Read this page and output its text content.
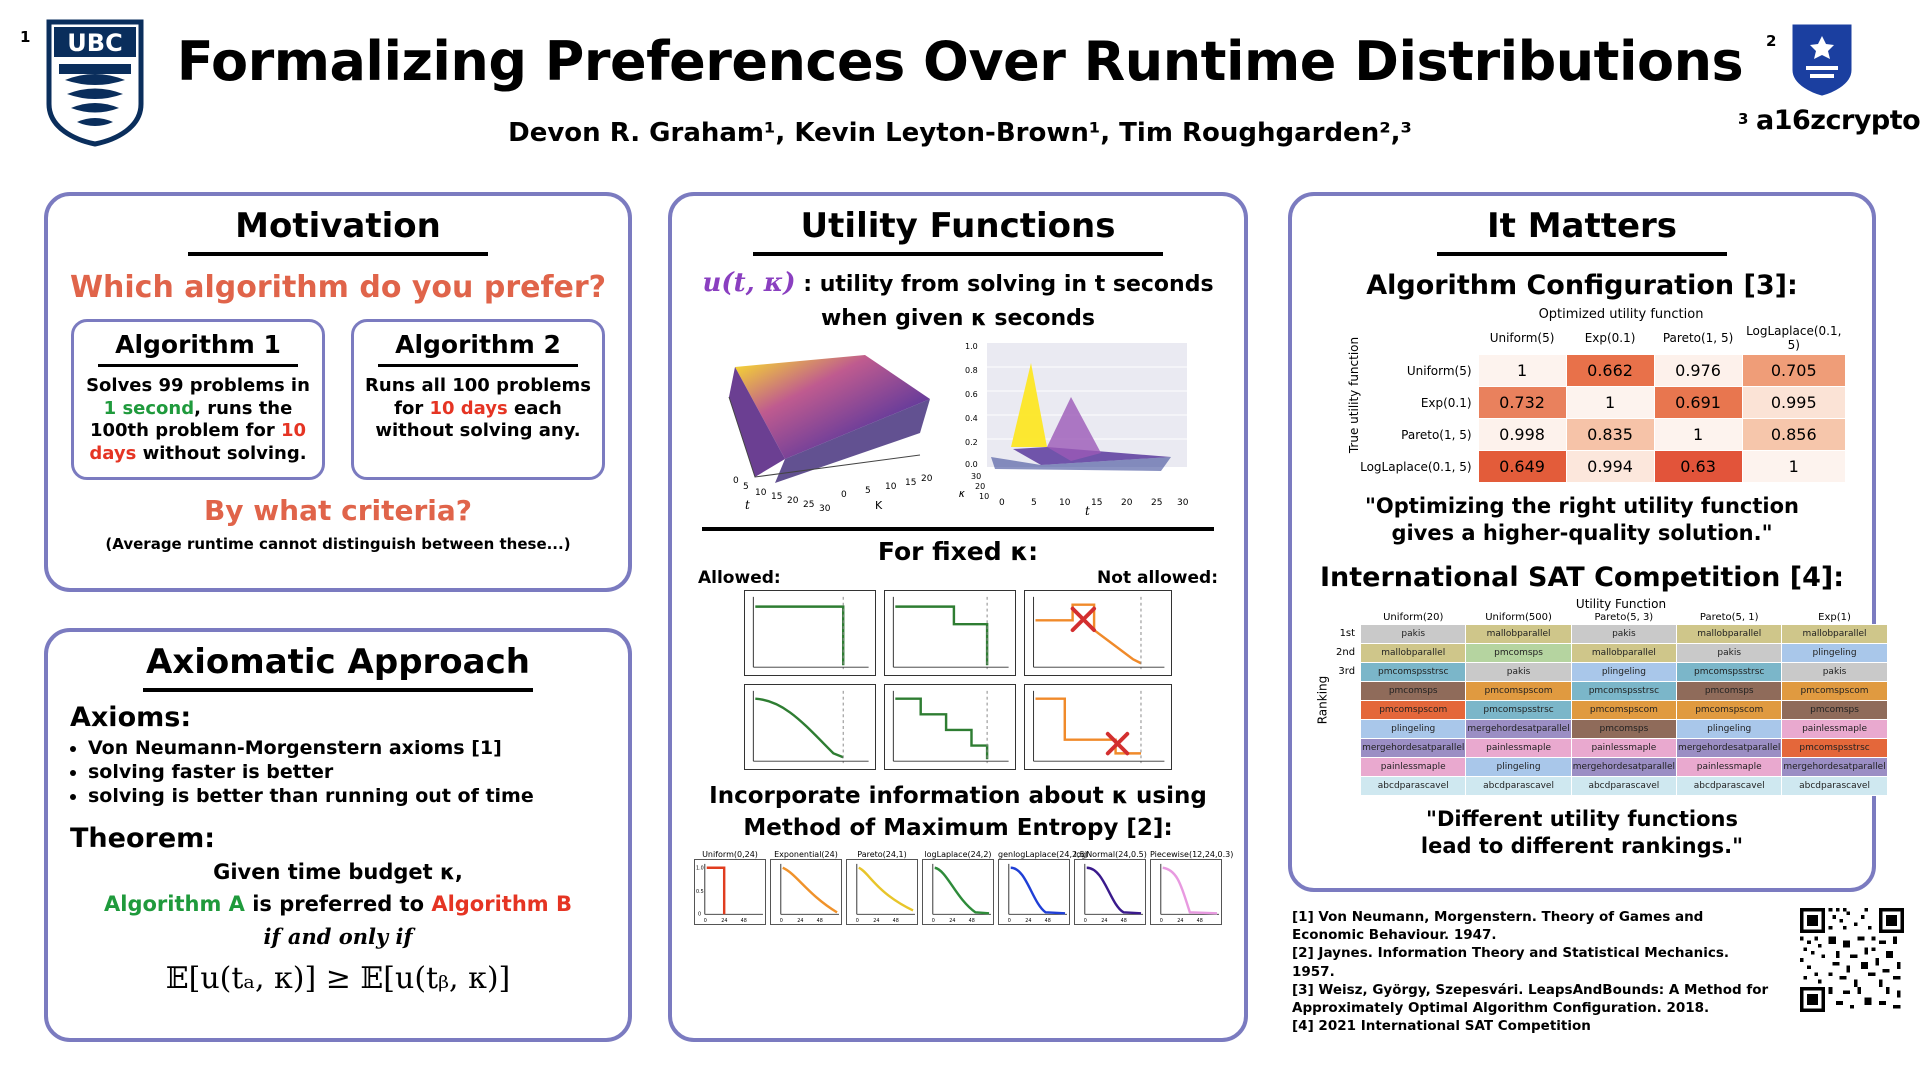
1	2
3
UBC
a16zcrypto
Formalizing Preferences Over Runtime Distributions
Devon R. Graham¹, Kevin Leyton-Brown¹, Tim Roughgarden²,³
Motivation
Which algorithm do you prefer?
Algorithm 1

Solves 99 problems in 1 second, runs the 100th problem for 10 days without solving.

Algorithm 2

Runs all 100 problems for 10 days each without solving any.

By what criteria?
(Average runtime cannot distinguish between these...)
Axiomatic Approach
Axioms:
• Von Neumann-Morgenstern axioms [1]
• solving faster is better
• solving is better than running out of time
Theorem:
Given time budget κ,
Algorithm A is preferred to Algorithm B
if and only if
𝔼[u(tₐ, κ)] ≥ 𝔼[u(tᵦ, κ)]
Utility Functions
u(t, κ) : utility from solving in t seconds
when given κ seconds
0
5
10 15 20 25 30
t
0 5 10 15 20
K
1.0
0.8
0.6
0.4
0.2
0.0
30
20
10
𝜅
0	5 10 15 20 25 30
t
For fixed κ:
Allowed:	Not allowed:
Incorporate information about κ using
Method of Maximum Entropy [2]:
Uniform(0,24)
1.0
0.5
0
0	24	48
Exponential(24)
0	24	48
Pareto(24,1)
0	24	48
logLaplace(24,2)
0	24	48
genlogLaplace(24,2,5)
0	24	48
logNormal(24,0.5)
0	24	48
Piecewise(12,24,0.3)
0	24	48
It Matters
Algorithm Configuration [3]:
Optimized utility function
True utility function
		Uniform(5)	Exp(0.1)	Pareto(1, 5)	LogLaplace(0.1, 5)
Uniform(5)	1	0.662	0.976	0.705
Exp(0.1)	0.732	1	0.691	0.995
Pareto(1, 5)	0.998	0.835	1	0.856
LogLaplace(0.1, 5)	0.649	0.994	0.63	1
"Optimizing the right utility function
gives a higher-quality solution."
International SAT Competition [4]:
Utility Function
Ranking
	Uniform(20)	Uniform(500)	Pareto(5, 3)	Pareto(5, 1)	Exp(1)
1st	pakis	mallobparallel	pakis	mallobparallel	mallobparallel
2nd	mallobparallel	pmcomsps	mallobparallel	pakis	plingeling
3rd	pmcomspsstrsc	pakis	plingeling	pmcomspsstrsc	pakis
	pmcomsps	pmcomspscom	pmcomspsstrsc	pmcomsps	pmcomspscom
	pmcomspscom	pmcomspsstrsc	pmcomspscom	pmcomspscom	pmcomsps
	plingeling	mergehordesatparallel	pmcomsps	plingeling	painlessmaple
	mergehordesatparallel	painlessmaple	painlessmaple	mergehordesatparallel	pmcomspsstrsc
	painlessmaple	plingeling	mergehordesatparallel	painlessmaple	mergehordesatparallel
	abcdparascavel	abcdparascavel	abcdparascavel	abcdparascavel	abcdparascavel
"Different utility functions
lead to different rankings."
[1] Von Neumann, Morgenstern. Theory of Games and Economic Behaviour. 1947.
[2] Jaynes. Information Theory and Statistical Mechanics. 1957.
[3] Weisz, György, Szepesvári. LeapsAndBounds: A Method for Approximately Optimal Algorithm Configuration. 2018.
[4] 2021 International SAT Competition
